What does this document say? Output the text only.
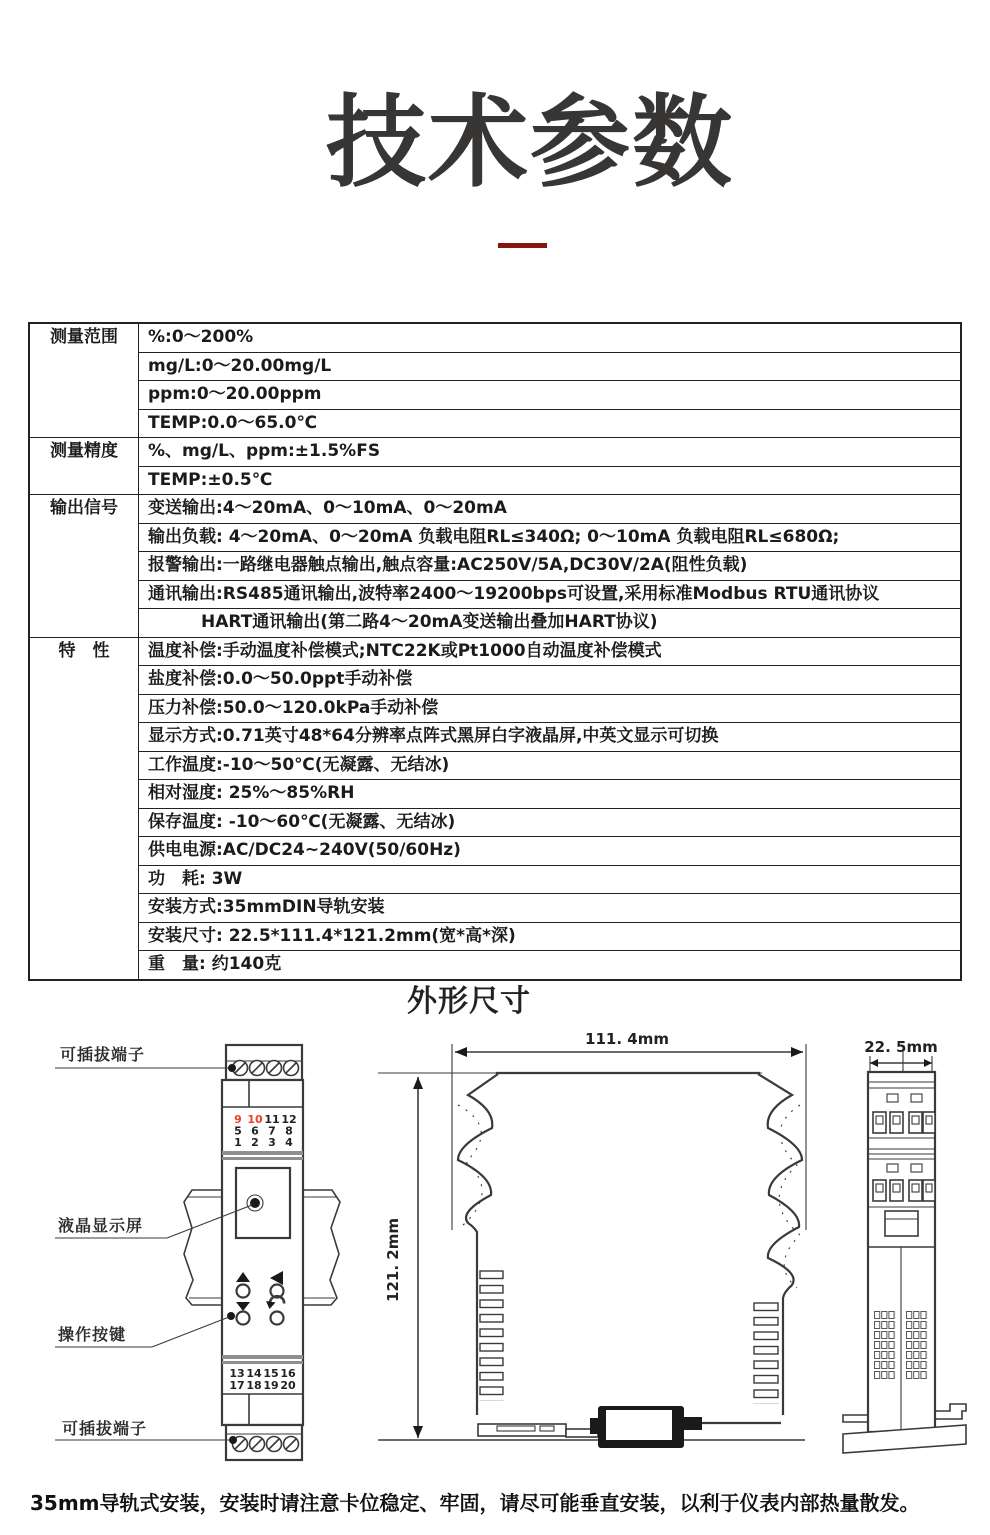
技术参数
测量范围	%:0～200%
	mg/L:0～20.00mg/L
	ppm:0～20.00ppm
	TEMP:0.0～65.0℃
测量精度	%、mg/L、ppm:±1.5%FS
	TEMP:±0.5℃
输出信号	变送输出:4～20mA、0～10mA、0～20mA
	输出负载: 4～20mA、0～20mA 负载电阻RL≤340Ω; 0～10mA 负载电阻RL≤680Ω;
	报警输出:一路继电器触点输出,触点容量:AC250V/5A,DC30V/2A(阻性负载)
	通讯输出:RS485通讯输出,波特率2400～19200bps可设置,采用标准Modbus RTU通讯协议
	HART通讯输出(第二路4～20mA变送输出叠加HART协议)
特　性	温度补偿:手动温度补偿模式;NTC22K或Pt1000自动温度补偿模式
	盐度补偿:0.0～50.0ppt手动补偿
	压力补偿:50.0～120.0kPa手动补偿
	显示方式:0.71英寸48*64分辨率点阵式黑屏白字液晶屏,中英文显示可切换
	工作温度:-10～50℃(无凝露、无结冰)
	相对湿度: 25%～85%RH
	保存温度: -10～60℃(无凝露、无结冰)
	供电电源:AC/DC24~240V(50/60Hz)
	功　耗: 3W
	安装方式:35mmDIN导轨安装
	安装尺寸: 22.5*111.4*121.2mm(宽*高*深)
	重　量: 约140克
外形尺寸
9 10 11 12
5 6 7 8
1 2 3 4
13 14 15 16
17 18 19 20
可插拔端子
液晶显示屏
操作按键
可插拔端子
111. 4mm
121. 2mm
22. 5mm
35mm导轨式安装，安装时请注意卡位稳定、牢固，请尽可能垂直安装，以利于仪表内部热量散发。
